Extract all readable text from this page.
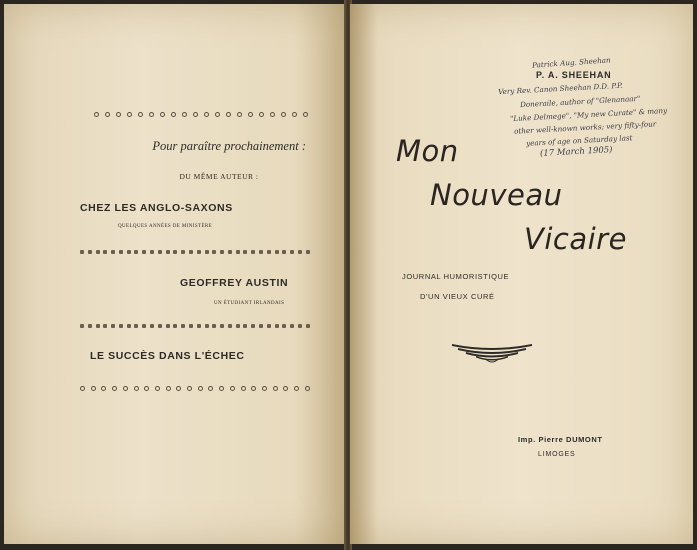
Pour paraître prochainement :
DU MÊME AUTEUR :
CHEZ LES ANGLO-SAXONS
QUELQUES ANNÉES DE MINISTÈRE
GEOFFREY AUSTIN
UN ÉTUDIANT IRLANDAIS
LE SUCCÈS DANS L'ÉCHEC
Patrick Aug. Sheehan
P. A. SHEEHAN
Very Rev. Canon Sheehan D.D. P.P.
Doneraile, author of "Glenanaar"
"Luke Delmege", "My new Curate" & many
other well-known works; very fifty-four
years of age on Saturday last
(17 March 1905)
Mon
Nouveau
Vicaire
JOURNAL HUMORISTIQUE
D'UN VIEUX CURÉ
Imp. Pierre DUMONT
LIMOGES
